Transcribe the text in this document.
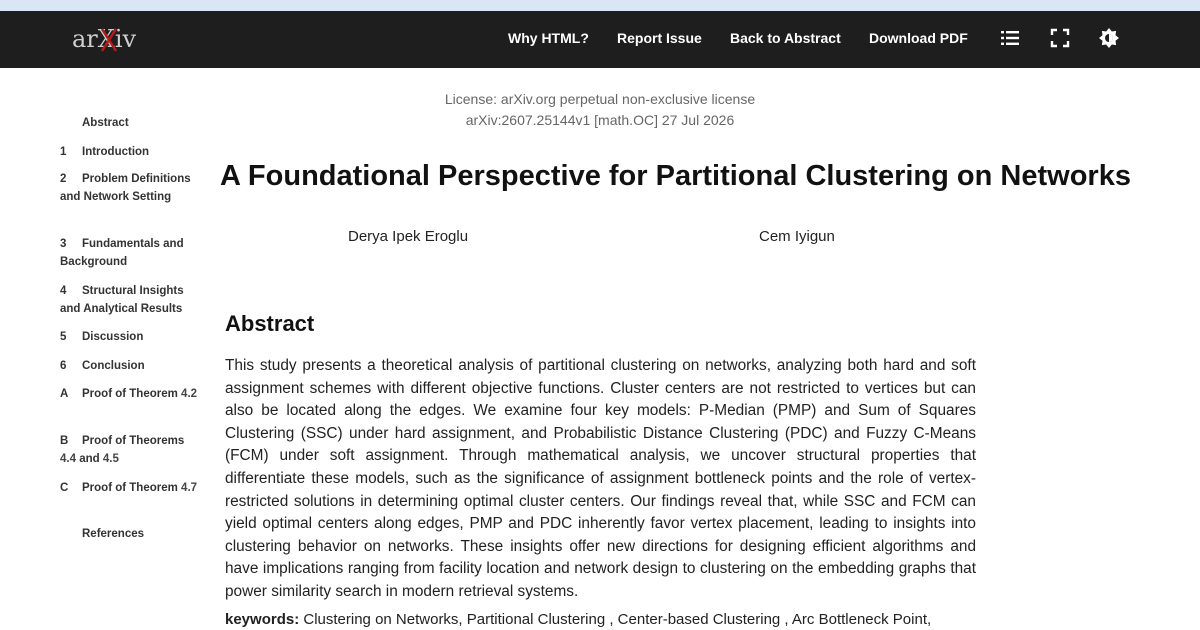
arXiv	Why HTML? Report Issue Back to Abstract Download PDF
Abstract
1 Introduction
2 Problem Definitions and Network Setting
3 Fundamentals and Background
4 Structural Insights and Analytical Results
5 Discussion
6 Conclusion
A Proof of Theorem 4.2
B Proof of Theorems 4.4 and 4.5
C Proof of Theorem 4.7
References
License: arXiv.org perpetual non-exclusive license
arXiv:2607.25144v1 [math.OC] 27 Jul 2026
A Foundational Perspective for Partitional Clustering on Networks
Derya Ipek Eroglu	Cem Iyigun
Abstract

This study presents a theoretical analysis of partitional clustering on networks, analyzing both hard and soft assignment schemes with different objective functions. Cluster centers are not restricted to vertices but can also be located along the edges. We examine four key models: P-Median (PMP) and Sum of Squares Clustering (SSC) under hard assignment, and Probabilistic Distance Clustering (PDC) and Fuzzy C-Means (FCM) under soft assignment. Through mathematical analysis, we uncover structural properties that differentiate these models, such as the significance of assignment bottleneck points and the role of vertex-restricted solutions in determining optimal cluster centers. Our findings reveal that, while SSC and FCM can yield optimal centers along edges, PMP and PDC inherently favor vertex placement, leading to insights into clustering behavior on networks. These insights offer new directions for designing efficient algorithms and have implications ranging from facility location and network design to clustering on the embedding graphs that power similarity search in modern retrieval systems.

keywords: Clustering on Networks, Partitional Clustering , Center-based Clustering , Arc Bottleneck Point,
